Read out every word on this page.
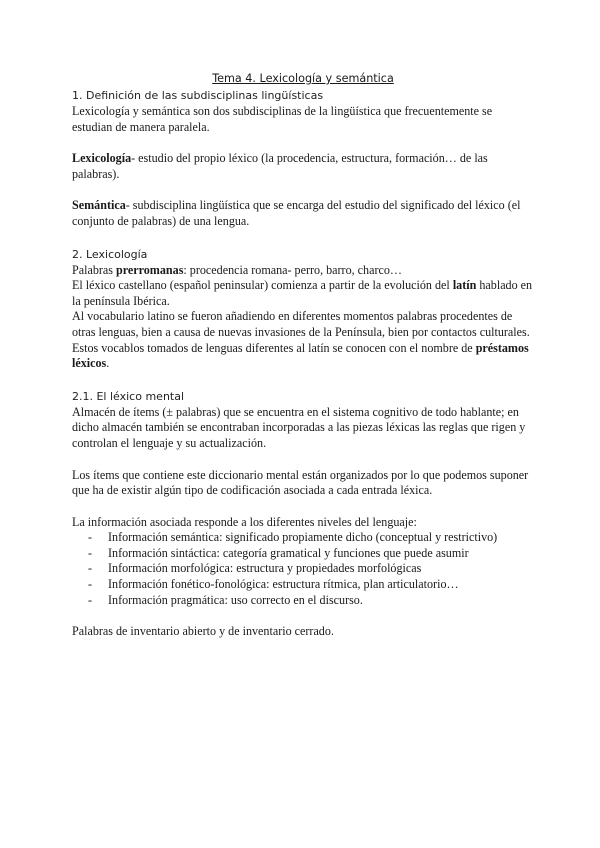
Tema 4. Lexicología y semántica

1. Definición de las subdisciplinas lingüísticas

Lexicología y semántica son dos subdisciplinas de la lingüística que frecuentemente se estudian de manera paralela.

Lexicología- estudio del propio léxico (la procedencia, estructura, formación… de las palabras).

Semántica- subdisciplina lingüística que se encarga del estudio del significado del léxico (el conjunto de palabras) de una lengua.

2. Lexicología

Palabras prerromanas: procedencia romana- perro, barro, charco…

El léxico castellano (español peninsular) comienza a partir de la evolución del latín hablado en la península Ibérica.

Al vocabulario latino se fueron añadiendo en diferentes momentos palabras procedentes de otras lenguas, bien a causa de nuevas invasiones de la Península, bien por contactos culturales. Estos vocablos tomados de lenguas diferentes al latín se conocen con el nombre de préstamos léxicos.

2.1. El léxico mental

Almacén de ítems (± palabras) que se encuentra en el sistema cognitivo de todo hablante; en dicho almacén también se encontraban incorporadas a las piezas léxicas las reglas que rigen y controlan el lenguaje y su actualización.

Los ítems que contiene este diccionario mental están organizados por lo que podemos suponer que ha de existir algún tipo de codificación asociada a cada entrada léxica.

La información asociada responde a los diferentes niveles del lenguaje:

- Información semántica: significado propiamente dicho (conceptual y restrictivo)
- Información sintáctica: categoría gramatical y funciones que puede asumir
- Información morfológica: estructura y propiedades morfológicas
- Información fonético-fonológica: estructura rítmica, plan articulatorio…
- Información pragmática: uso correcto en el discurso.

Palabras de inventario abierto y de inventario cerrado.
